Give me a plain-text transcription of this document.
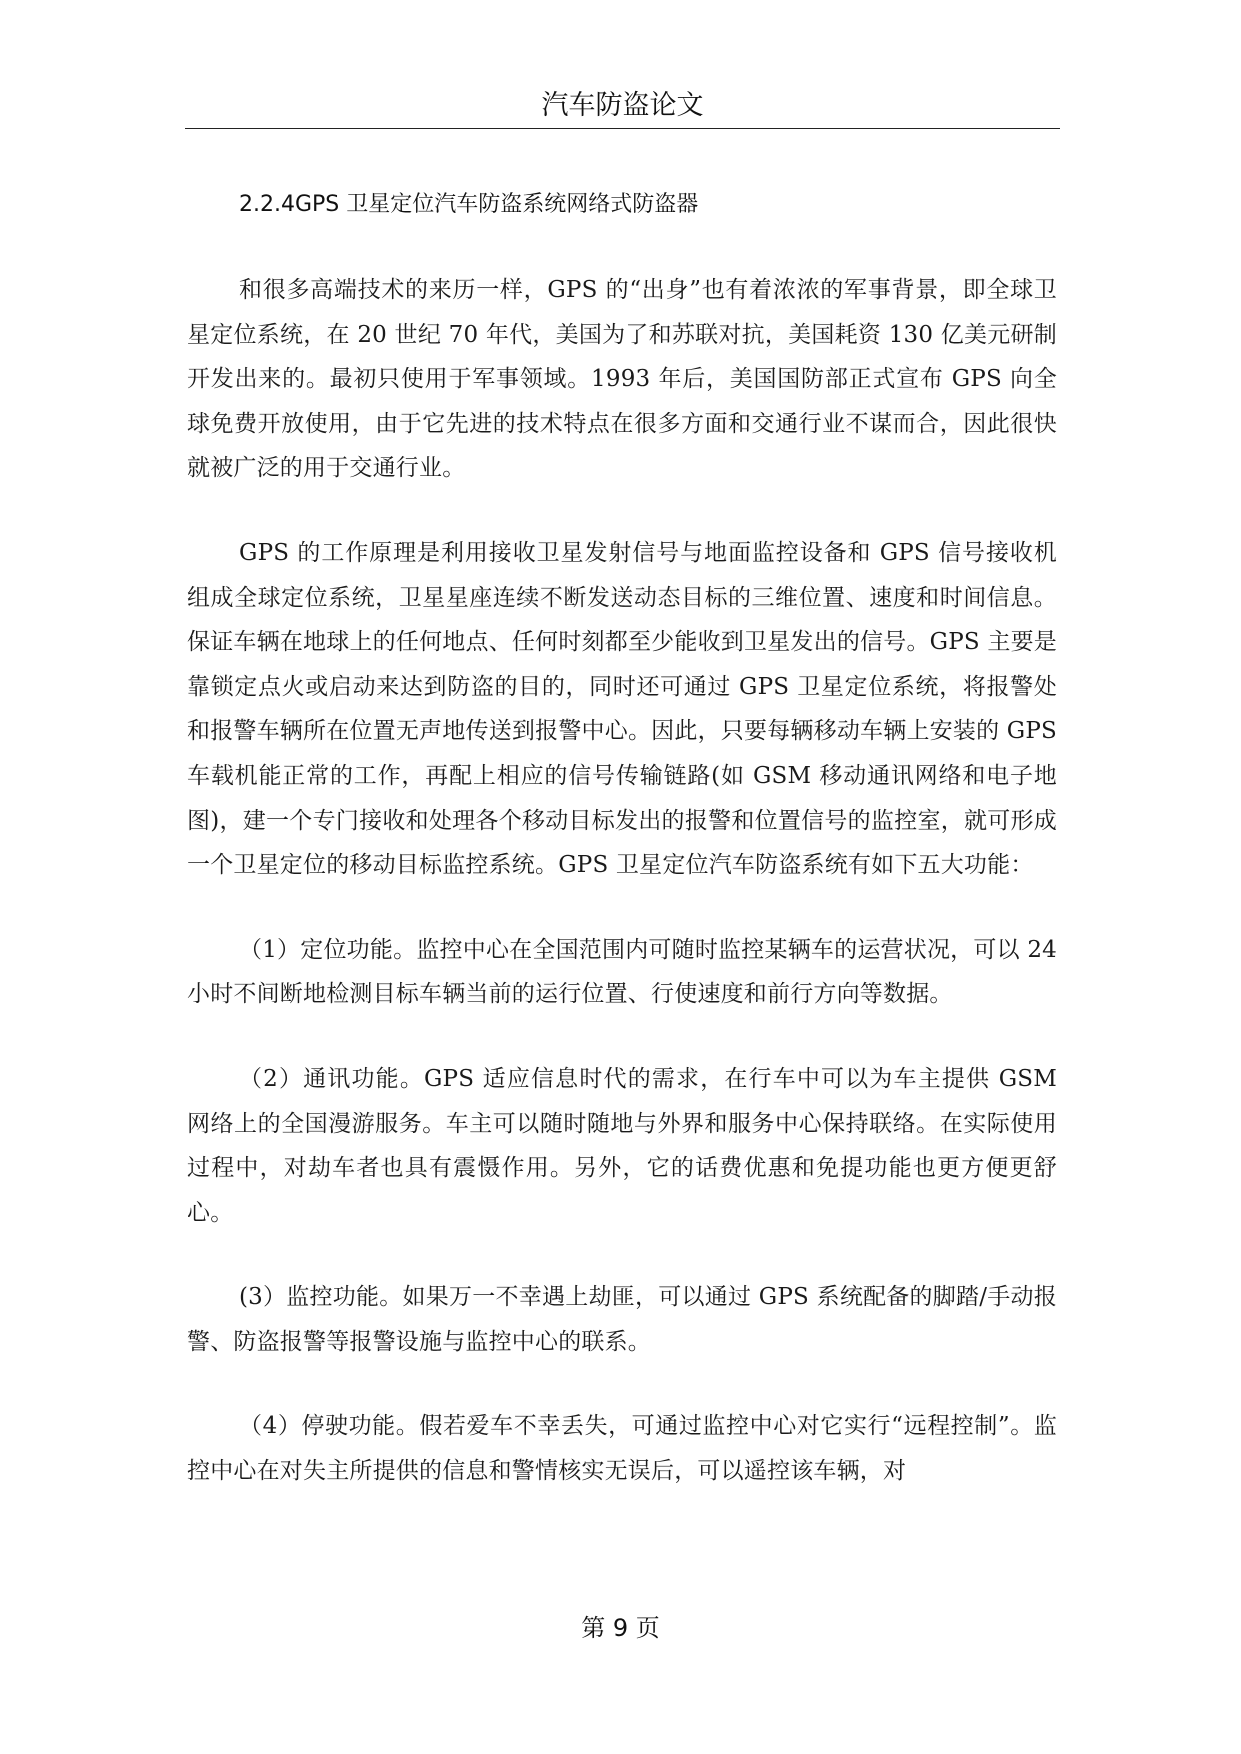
汽车防盗论文
2.2.4GPS 卫星定位汽车防盗系统网络式防盗器

和很多高端技术的来历一样，GPS 的“出身”也有着浓浓的军事背景，即全球卫星定位系统，在 20 世纪 70 年代，美国为了和苏联对抗，美国耗资 130 亿美元研制开发出来的。最初只使用于军事领域。1993 年后，美国国防部正式宣布 GPS 向全球免费开放使用，由于它先进的技术特点在很多方面和交通行业不谋而合，因此很快就被广泛的用于交通行业。

GPS 的工作原理是利用接收卫星发射信号与地面监控设备和 GPS 信号接收机组成全球定位系统，卫星星座连续不断发送动态目标的三维位置、速度和时间信息。保证车辆在地球上的任何地点、任何时刻都至少能收到卫星发出的信号。GPS 主要是靠锁定点火或启动来达到防盗的目的，同时还可通过 GPS 卫星定位系统，将报警处和报警车辆所在位置无声地传送到报警中心。因此，只要每辆移动车辆上安装的 GPS 车载机能正常的工作，再配上相应的信号传输链路(如 GSM 移动通讯网络和电子地图)，建一个专门接收和处理各个移动目标发出的报警和位置信号的监控室，就可形成一个卫星定位的移动目标监控系统。GPS 卫星定位汽车防盗系统有如下五大功能：

（1）定位功能。监控中心在全国范围内可随时监控某辆车的运营状况，可以 24 小时不间断地检测目标车辆当前的运行位置、行使速度和前行方向等数据。

（2）通讯功能。GPS 适应信息时代的需求，在行车中可以为车主提供 GSM 网络上的全国漫游服务。车主可以随时随地与外界和服务中心保持联络。在实际使用过程中，对劫车者也具有震慑作用。另外，它的话费优惠和免提功能也更方便更舒心。

(3）监控功能。如果万一不幸遇上劫匪，可以通过 GPS 系统配备的脚踏/手动报警、防盗报警等报警设施与监控中心的联系。

（4）停驶功能。假若爱车不幸丢失，可通过监控中心对它实行“远程控制”。监控中心在对失主所提供的信息和警情核实无误后，可以遥控该车辆，对

第 9 页
